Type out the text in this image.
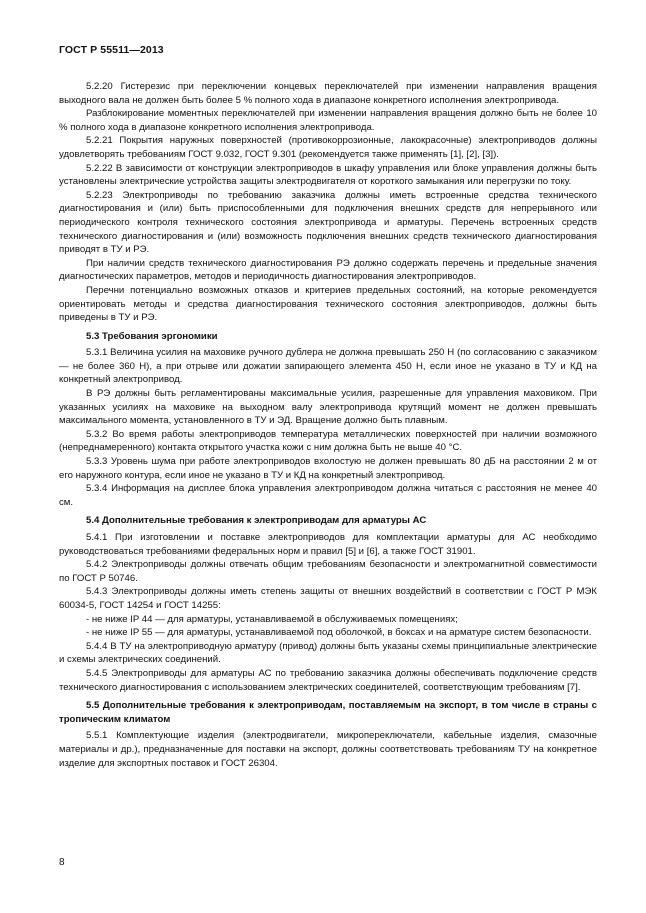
ГОСТ Р 55511—2013

5.2.20 Гистерезис при переключении концевых переключателей при изменении направления вращения выходного вала не должен быть более 5 % полного хода в диапазоне конкретного исполнения электропривода.

Разблокирование моментных переключателей при изменении направления вращения должно быть не более 10 % полного хода в диапазоне конкретного исполнения электропривода.

5.2.21 Покрытия наружных поверхностей (противокоррозионные, лакокрасочные) электроприводов должны удовлетворять требованиям ГОСТ 9.032, ГОСТ 9.301 (рекомендуется также применять [1], [2], [3]).

5.2.22 В зависимости от конструкции электроприводов в шкафу управления или блоке управления должны быть установлены электрические устройства защиты электродвигателя от короткого замыкания или перегрузки по току.

5.2.23 Электроприводы по требованию заказчика должны иметь встроенные средства технического диагностирования и (или) быть приспособленными для подключения внешних средств для непрерывного или периодического контроля технического состояния электропривода и арматуры. Перечень встроенных средств технического диагностирования и (или) возможность подключения внешних средств технического диагностирования приводят в ТУ и РЭ.

При наличии средств технического диагностирования РЭ должно содержать перечень и предельные значения диагностических параметров, методов и периодичность диагностирования электроприводов.

Перечни потенциально возможных отказов и критериев предельных состояний, на которые рекомендуется ориентировать методы и средства диагностирования технического состояния электроприводов, должны быть приведены в ТУ и РЭ.

5.3 Требования эргономики

5.3.1 Величина усилия на маховике ручного дублера не должна превышать 250 Н (по согласованию с заказчиком — не более 360 Н), а при отрыве или дожатии запирающего элемента 450 Н, если иное не указано в ТУ и КД на конкретный электропривод.

В РЭ должны быть регламентированы максимальные усилия, разрешенные для управления маховиком. При указанных усилиях на маховике на выходном валу электропривода крутящий момент не должен превышать максимального момента, установленного в ТУ и ЭД. Вращение должно быть плавным.

5.3.2 Во время работы электроприводов температура металлических поверхностей при наличии возможного (непреднамеренного) контакта открытого участка кожи с ним должна быть не выше 40 °С.

5.3.3 Уровень шума при работе электроприводов вхолостую не должен превышать 80 дБ на расстоянии 2 м от его наружного контура, если иное не указано в ТУ и КД на конкретный электропривод.

5.3.4 Информация на дисплее блока управления электроприводом должна читаться с расстояния не менее 40 см.

5.4 Дополнительные требования к электроприводам для арматуры АС

5.4.1 При изготовлении и поставке электроприводов для комплектации арматуры для АС необходимо руководствоваться требованиями федеральных норм и правил [5] и [6], а также ГОСТ 31901.

5.4.2 Электроприводы должны отвечать общим требованиям безопасности и электромагнитной совместимости по ГОСТ Р 50746.

5.4.3 Электроприводы должны иметь степень защиты от внешних воздействий в соответствии с ГОСТ Р МЭК 60034-5, ГОСТ 14254 и ГОСТ 14255:

- не ниже IP 44 — для арматуры, устанавливаемой в обслуживаемых помещениях;

- не ниже IP 55 — для арматуры, устанавливаемой под оболочкой, в боксах и на арматуре систем безопасности.

5.4.4 В ТУ на электроприводную арматуру (привод) должны быть указаны схемы принципиальные электрические и схемы электрических соединений.

5.4.5 Электроприводы для арматуры АС по требованию заказчика должны обеспечивать подключение средств технического диагностирования с использованием электрических соединителей, соответствующим требованиям [7].

5.5 Дополнительные требования к электроприводам, поставляемым на экспорт, в том числе в страны с тропическим климатом

5.5.1 Комплектующие изделия (электродвигатели, микропереключатели, кабельные изделия, смазочные материалы и др.), предназначенные для поставки на экспорт, должны соответствовать требованиям ТУ на конкретное изделие для экспортных поставок и ГОСТ 26304.

8
